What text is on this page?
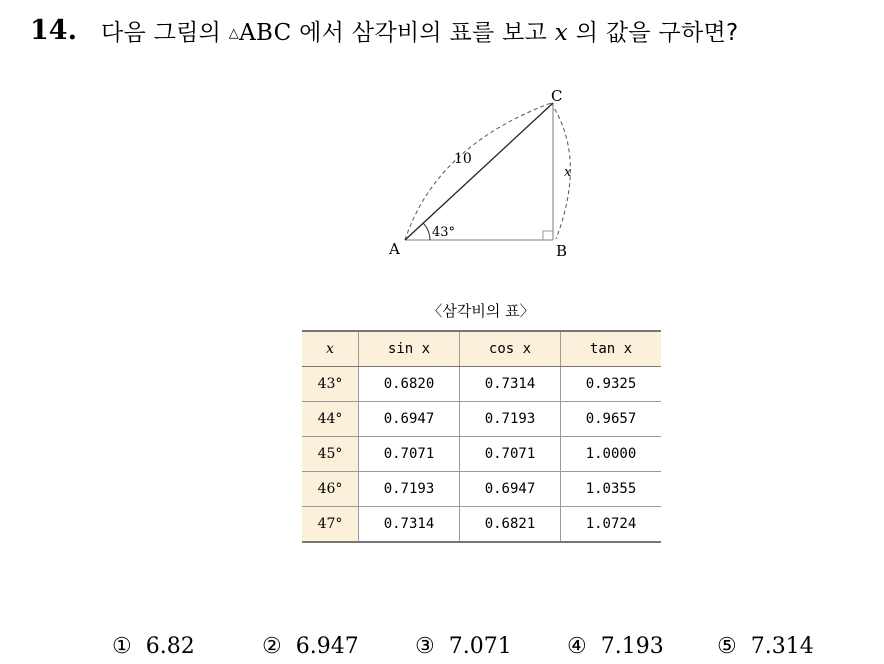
14. 다음 그림의 △ABC 에서 삼각비의 표를 보고 x 의 값을 구하면?
A	B
C
10
43°
x
〈삼각비의 표〉
x	sin x	cos x	tan x
43°	0.6820	0.7314	0.9325
44°	0.6947	0.7193	0.9657
45°	0.7071	0.7071	1.0000
46°	0.7193	0.6947	1.0355
47°	0.7314	0.6821	1.0724
① 6.82	② 6.947	③ 7.071	④ 7.193 ⑤ 7.314
